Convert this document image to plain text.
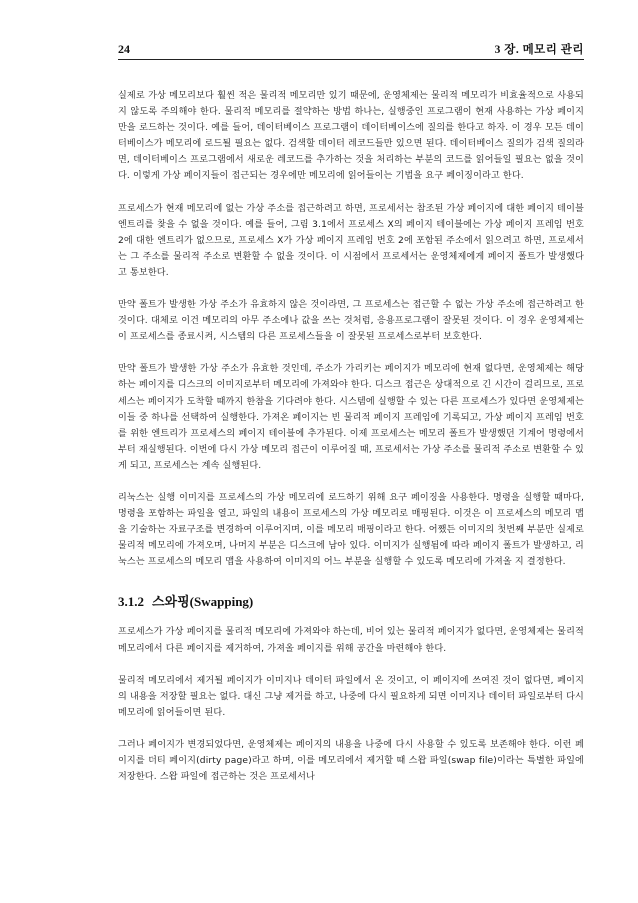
24	3 장. 메모리 관리

실제로 가상 메모리보다 훨씬 적은 물리적 메모리만 있기 때문에, 운영체제는 물리적 메모리가 비효율적으로 사용되지 않도록 주의해야 한다. 물리적 메모리를 절약하는 방법 하나는, 실행중인 프로그램이 현재 사용하는 가상 페이지만을 로드하는 것이다. 예를 들어, 데이터베이스 프로그램이 데이터베이스에 질의를 한다고 하자. 이 경우 모든 데이터베이스가 메모리에 로드될 필요는 없다. 검색할 데이터 레코드들만 있으면 된다. 데이터베이스 질의가 검색 질의라면, 데이터베이스 프로그램에서 새로운 레코드를 추가하는 것을 처리하는 부분의 코드를 읽어들일 필요는 없을 것이다. 이렇게 가상 페이지들이 접근되는 경우에만 메모리에 읽어들이는 기법을 요구 페이징이라고 한다.

프로세스가 현재 메모리에 없는 가상 주소를 접근하려고 하면, 프로세서는 참조된 가상 페이지에 대한 페이지 테이블 엔트리를 찾을 수 없을 것이다. 예를 들어, 그림 3.1에서 프로세스 X의 페이지 테이블에는 가상 페이지 프레임 번호 2에 대한 엔트리가 없으므로, 프로세스 X가 가상 페이지 프레임 번호 2에 포함된 주소에서 읽으려고 하면, 프로세서는 그 주소를 물리적 주소로 변환할 수 없을 것이다. 이 시점에서 프로세서는 운영체제에게 페이지 폴트가 발생했다고 통보한다.

만약 폴트가 발생한 가상 주소가 유효하지 않은 것이라면, 그 프로세스는 접근할 수 없는 가상 주소에 접근하려고 한 것이다. 대체로 이건 메모리의 아무 주소에나 값을 쓰는 것처럼, 응용프로그램이 잘못된 것이다. 이 경우 운영체제는 이 프로세스를 종료시켜, 시스템의 다른 프로세스들을 이 잘못된 프로세스로부터 보호한다.

만약 폴트가 발생한 가상 주소가 유효한 것인데, 주소가 가리키는 페이지가 메모리에 현재 없다면, 운영체제는 해당하는 페이지를 디스크의 이미지로부터 메모리에 가져와야 한다. 디스크 접근은 상대적으로 긴 시간이 걸리므로, 프로세스는 페이지가 도착할 때까지 한참을 기다려야 한다. 시스템에 실행할 수 있는 다른 프로세스가 있다면 운영체제는 이들 중 하나를 선택하여 실행한다. 가져온 페이지는 빈 물리적 페이지 프레임에 기록되고, 가상 페이지 프레임 번호를 위한 엔트리가 프로세스의 페이지 테이블에 추가된다. 이제 프로세스는 메모리 폴트가 발생했던 기계어 명령에서부터 재실행된다. 이번에 다시 가상 메모리 접근이 이루어질 때, 프로세서는 가상 주소를 물리적 주소로 변환할 수 있게 되고, 프로세스는 계속 실행된다.

리눅스는 실행 이미지를 프로세스의 가상 메모리에 로드하기 위해 요구 페이징을 사용한다. 명령을 실행할 때마다, 명령을 포함하는 파일을 열고, 파일의 내용이 프로세스의 가상 메모리로 매핑된다. 이것은 이 프로세스의 메모리 맵을 기술하는 자료구조를 변경하여 이루어지며, 이를 메모리 매핑이라고 한다. 어쨌든 이미지의 첫번째 부분만 실제로 물리적 메모리에 가져오며, 나머지 부분은 디스크에 남아 있다. 이미지가 실행됨에 따라 페이지 폴트가 발생하고, 리눅스는 프로세스의 메모리 맵을 사용하여 이미지의 어느 부분을 실행할 수 있도록 메모리에 가져올 지 결정한다.

3.1.2 스와핑(Swapping)

프로세스가 가상 페이지를 물리적 메모리에 가져와야 하는데, 비어 있는 물리적 페이지가 없다면, 운영체제는 물리적 메모리에서 다른 페이지를 제거하여, 가져올 페이지를 위해 공간을 마련해야 한다.

물리적 메모리에서 제거될 페이지가 이미지나 데이터 파일에서 온 것이고, 이 페이지에 쓰여진 것이 없다면, 페이지의 내용을 저장할 필요는 없다. 대신 그냥 제거를 하고, 나중에 다시 필요하게 되면 이미지나 데이터 파일로부터 다시 메모리에 읽어들이면 된다.

그러나 페이지가 변경되었다면, 운영체제는 페이지의 내용을 나중에 다시 사용할 수 있도록 보존해야 한다. 이런 페이지를 더티 페이지(dirty page)라고 하며, 이를 메모리에서 제거할 때 스왑 파일(swap file)이라는 특별한 파일에 저장한다. 스왑 파일에 접근하는 것은 프로세서나
